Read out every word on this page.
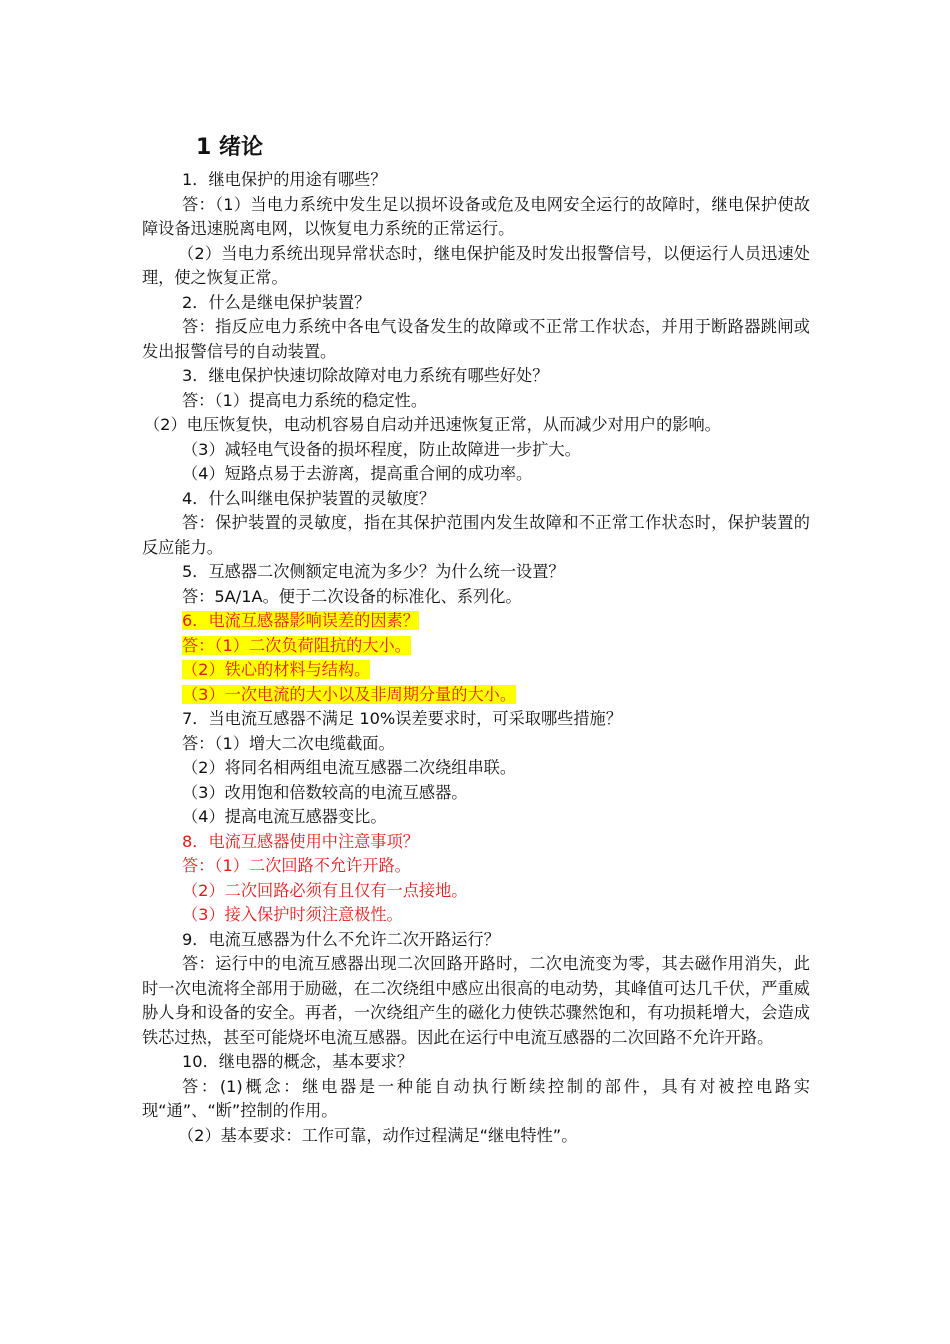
1 绪论

1．继电保护的用途有哪些？

答：（1）当电力系统中发生足以损坏设备或危及电网安全运行的故障时，继电保护使故障设备迅速脱离电网，以恢复电力系统的正常运行。

（2）当电力系统出现异常状态时，继电保护能及时发出报警信号，以便运行人员迅速处理，使之恢复正常。

2．什么是继电保护装置？

答：指反应电力系统中各电气设备发生的故障或不正常工作状态，并用于断路器跳闸或发出报警信号的自动装置。

3．继电保护快速切除故障对电力系统有哪些好处？

答：（1）提高电力系统的稳定性。

（2）电压恢复快，电动机容易自启动并迅速恢复正常，从而减少对用户的影响。

（3）减轻电气设备的损坏程度，防止故障进一步扩大。

（4）短路点易于去游离，提高重合闸的成功率。

4．什么叫继电保护装置的灵敏度？

答：保护装置的灵敏度，指在其保护范围内发生故障和不正常工作状态时，保护装置的反应能力。

5．互感器二次侧额定电流为多少？为什么统一设置？

答：5A/1A。便于二次设备的标准化、系列化。

6．电流互感器影响误差的因素？

答：（1）二次负荷阻抗的大小。

（2）铁心的材料与结构。

（3）一次电流的大小以及非周期分量的大小。

7．当电流互感器不满足 10%误差要求时，可采取哪些措施？

答：（1）增大二次电缆截面。

（2）将同名相两组电流互感器二次绕组串联。

（3）改用饱和倍数较高的电流互感器。

（4）提高电流互感器变比。

8．电流互感器使用中注意事项？

答：（1）二次回路不允许开路。

（2）二次回路必须有且仅有一点接地。

（3）接入保护时须注意极性。

9．电流互感器为什么不允许二次开路运行？

答：运行中的电流互感器出现二次回路开路时，二次电流变为零，其去磁作用消失，此时一次电流将全部用于励磁，在二次绕组中感应出很高的电动势，其峰值可达几千伏，严重威胁人身和设备的安全。再者，一次绕组产生的磁化力使铁芯骤然饱和，有功损耗增大，会造成铁芯过热，甚至可能烧坏电流互感器。因此在运行中电流互感器的二次回路不允许开路。

10．继电器的概念，基本要求？

答：(1)概念：继电器是一种能自动执行断续控制的部件，具有对被控电路实现“通”、“断”控制的作用。

（2）基本要求：工作可靠，动作过程满足“继电特性”。
